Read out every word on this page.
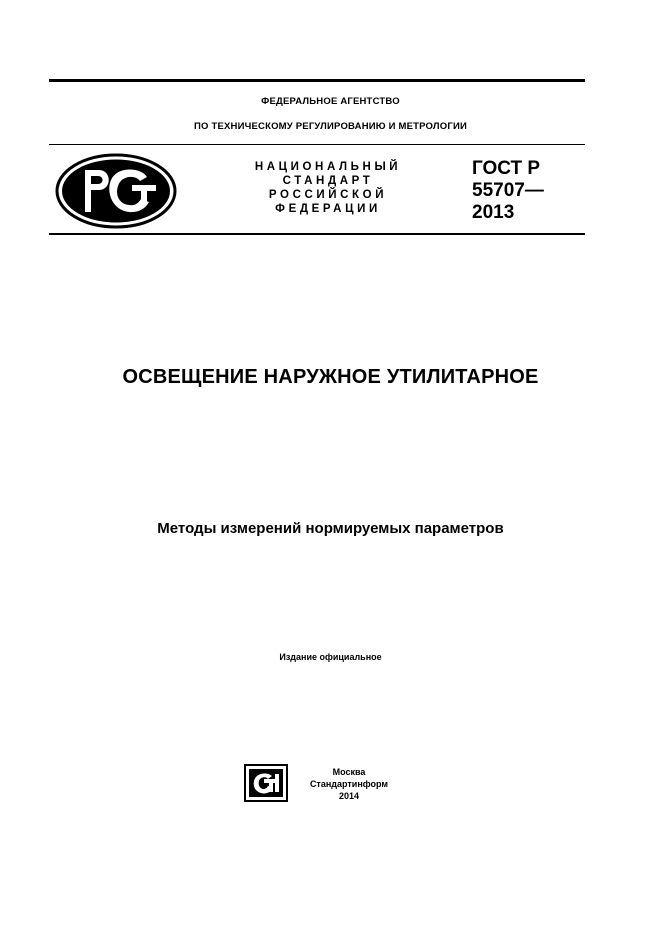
ФЕДЕРАЛЬНОЕ АГЕНТСТВО
ПО ТЕХНИЧЕСКОМУ РЕГУЛИРОВАНИЮ И МЕТРОЛОГИИ
НАЦИОНАЛЬНЫЙ
СТАНДАРТ
РОССИЙСКОЙ
ФЕДЕРАЦИИ
ГОСТ Р
55707—
2013
ОСВЕЩЕНИЕ НАРУЖНОЕ УТИЛИТАРНОЕ
Методы измерений нормируемых параметров
Издание официальное
Москва
Стандартинформ
2014
